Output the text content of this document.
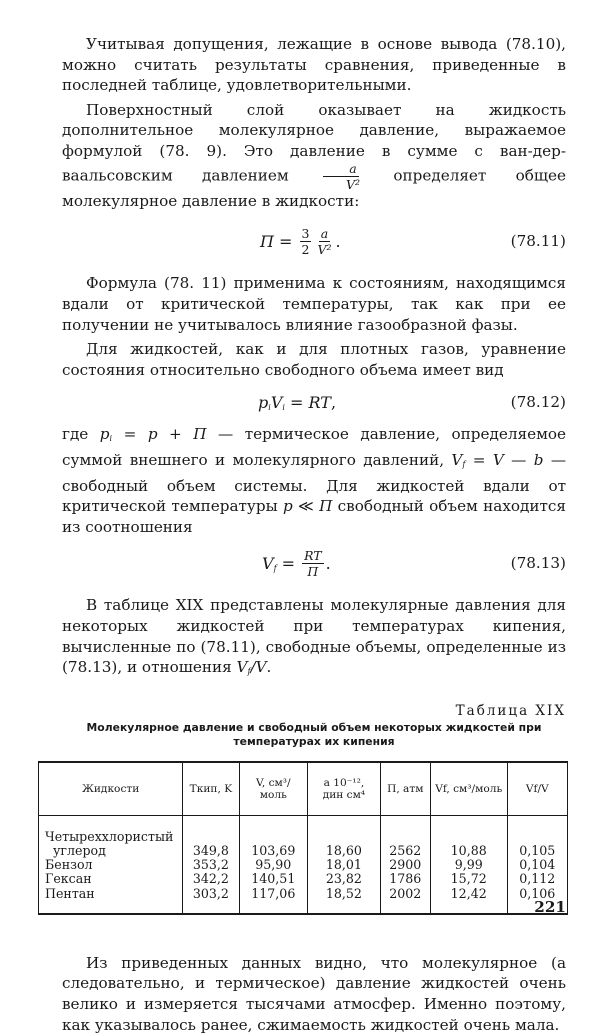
Учитывая допущения, лежащие в основе вывода (78.10), можно считать результаты сравнения, приведенные в последней таблице, удовлетворительными.

Поверхностный слой оказывает на жидкость дополнительное молекулярное давление, выражаемое формулой (78. 9). Это давление в сумме с ван-дер-ваальсовским давлением	$\frac{a}{\text{V²}}$ определяет общее молекулярное давление в жидкости:

$П = \frac{3}{2} \frac{a}{\text{V²}}$ .	(78.11)

Формула (78. 11) применима к состояниям, находящимся вдали от критической температуры, так как при ее получении не учитывалось влияние газообразной фазы.

Для жидкостей, как и для плотных газов, уравнение состояния относительно свободного объема имеет вид

$p_iV_i$ = RT ,	(78.12)

где $p_i = p + П$ — термическое давление, определяемое суммой внешнего и молекулярного давлений, $V_f = V$ — b — свободный объем системы. Для жидкостей вдали от критической температуры p ≪ П свободный объем находится из соотношения

$V_f = \frac{RT}{П}$ .	(78.13)

В таблице XIX представлены молекулярные давления для некоторых жидкостей при температурах кипения, вычисленные по (78.11), свободные объемы, определенные из (78.13), и отношения $V_f/V$.

Таблица XIX
Молекулярное давление и свободный объем некоторых жидкостей при температурах их кипения
Жидкости	Tкип, K	V, см³/моль	a 10⁻¹², дин см⁴	П, атм	Vf, см³/моль	Vf/V
Четыреххлористый						
углерод	349,8	103,69	18,60	2562	10,88	0,105
Бензол	353,2	95,90	18,01	2900	9,99	0,104
Гексан	342,2	140,51	23,82	1786	15,72	0,112
Пентан	303,2	117,06	18,52	2002	12,42	0,106

Из приведенных данных видно, что молекулярное (а следовательно, и термическое) давление жидкостей очень велико и измеряется тысячами атмосфер. Именно поэтому, как указывалось ранее, сжимаемость жидкостей очень мала.

221
